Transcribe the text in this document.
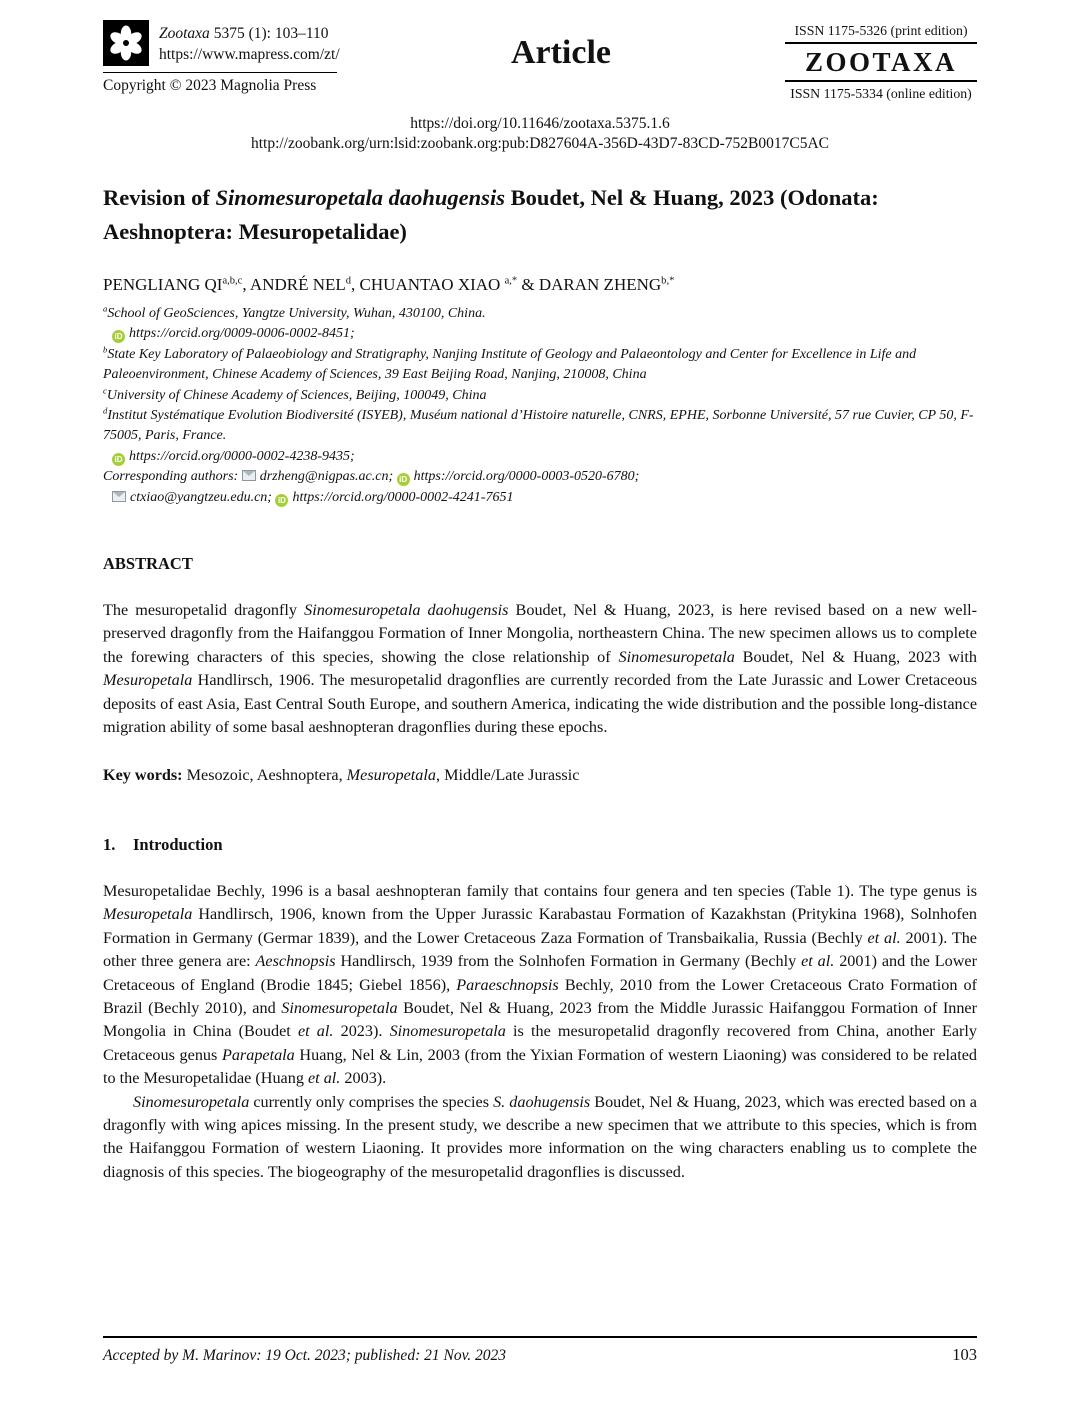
Zootaxa 5375 (1): 103–110
https://www.mapress.com/zt/
Copyright © 2023 Magnolia Press
Article
ISSN 1175-5326 (print edition)
ZOOTAXA
ISSN 1175-5334 (online edition)
https://doi.org/10.11646/zootaxa.5375.1.6
http://zoobank.org/urn:lsid:zoobank.org:pub:D827604A-356D-43D7-83CD-752B0017C5AC
Revision of Sinomesuropetala daohugensis Boudet, Nel & Huang, 2023 (Odonata: Aeshnoptera: Mesuropetalidae)
PENGLIANG QI$^{a,b,c}$, ANDRÉ NEL$^d$, CHUANTAO XIAO $^{a,*}$ & DARAN $ZHENG^{b,*}$
$^a$School of GeoSciences, Yangtze University, Wuhan, 430100, China.
iD https://orcid.org/0009-0006-0002-8451;
$^b$State Key Laboratory of Palaeobiology and Stratigraphy, Nanjing Institute of Geology and Palaeontology and Center for Excellence in Life and Paleoenvironment, Chinese Academy of Sciences, 39 East Beijing Road, Nanjing, 210008, China
$^c$University of Chinese Academy of Sciences, Beijing, 100049, China
$^d$Institut Systématique Evolution Biodiversité (ISYEB), Muséum national d’Histoire naturelle, CNRS, EPHE, Sorbonne Université, 57 rue Cuvier, CP 50, F-75005, Paris, France.
iD https://orcid.org/0000-0002-4238-9435;
Corresponding authors: drzheng@nigpas.ac.cn; iD https://orcid.org/0000-0003-0520-6780;
ctxiao@yangtzeu.edu.cn; iD https://orcid.org/0000-0002-4241-7651
ABSTRACT

The mesuropetalid dragonfly Sinomesuropetala daohugensis Boudet, Nel & Huang, 2023, is here revised based on a new well-preserved dragonfly from the Haifanggou Formation of Inner Mongolia, northeastern China. The new specimen allows us to complete the forewing characters of this species, showing the close relationship of Sinomesuropetala Boudet, Nel & Huang, 2023 with Mesuropetala Handlirsch, 1906. The mesuropetalid dragonflies are currently recorded from the Late Jurassic and Lower Cretaceous deposits of east Asia, East Central South Europe, and southern America, indicating the wide distribution and the possible long-distance migration ability of some basal aeshnopteran dragonflies during these epochs.

Key words: Mesozoic, Aeshnoptera, Mesuropetala, Middle/Late Jurassic

1. Introduction

Mesuropetalidae Bechly, 1996 is a basal aeshnopteran family that contains four genera and ten species (Table 1). The type genus is Mesuropetala Handlirsch, 1906, known from the Upper Jurassic Karabastau Formation of Kazakhstan (Pritykina 1968), Solnhofen Formation in Germany (Germar 1839), and the Lower Cretaceous Zaza Formation of Transbaikalia, Russia (Bechly et al. 2001). The other three genera are: Aeschnopsis Handlirsch, 1939 from the Solnhofen Formation in Germany (Bechly et al. 2001) and the Lower Cretaceous of England (Brodie 1845; Giebel 1856), Paraeschnopsis Bechly, 2010 from the Lower Cretaceous Crato Formation of Brazil (Bechly 2010), and Sinomesuropetala Boudet, Nel & Huang, 2023 from the Middle Jurassic Haifanggou Formation of Inner Mongolia in China (Boudet et al. 2023). Sinomesuropetala is the mesuropetalid dragonfly recovered from China, another Early Cretaceous genus Parapetala Huang, Nel & Lin, 2003 (from the Yixian Formation of western Liaoning) was considered to be related to the Mesuropetalidae (Huang et al. 2003).

Sinomesuropetala currently only comprises the species S. daohugensis Boudet, Nel & Huang, 2023, which was erected based on a dragonfly with wing apices missing. In the present study, we describe a new specimen that we attribute to this species, which is from the Haifanggou Formation of western Liaoning. It provides more information on the wing characters enabling us to complete the diagnosis of this species. The biogeography of the mesuropetalid dragonflies is discussed.

Accepted by M. Marinov: 19 Oct. 2023; published: 21 Nov. 2023	103
